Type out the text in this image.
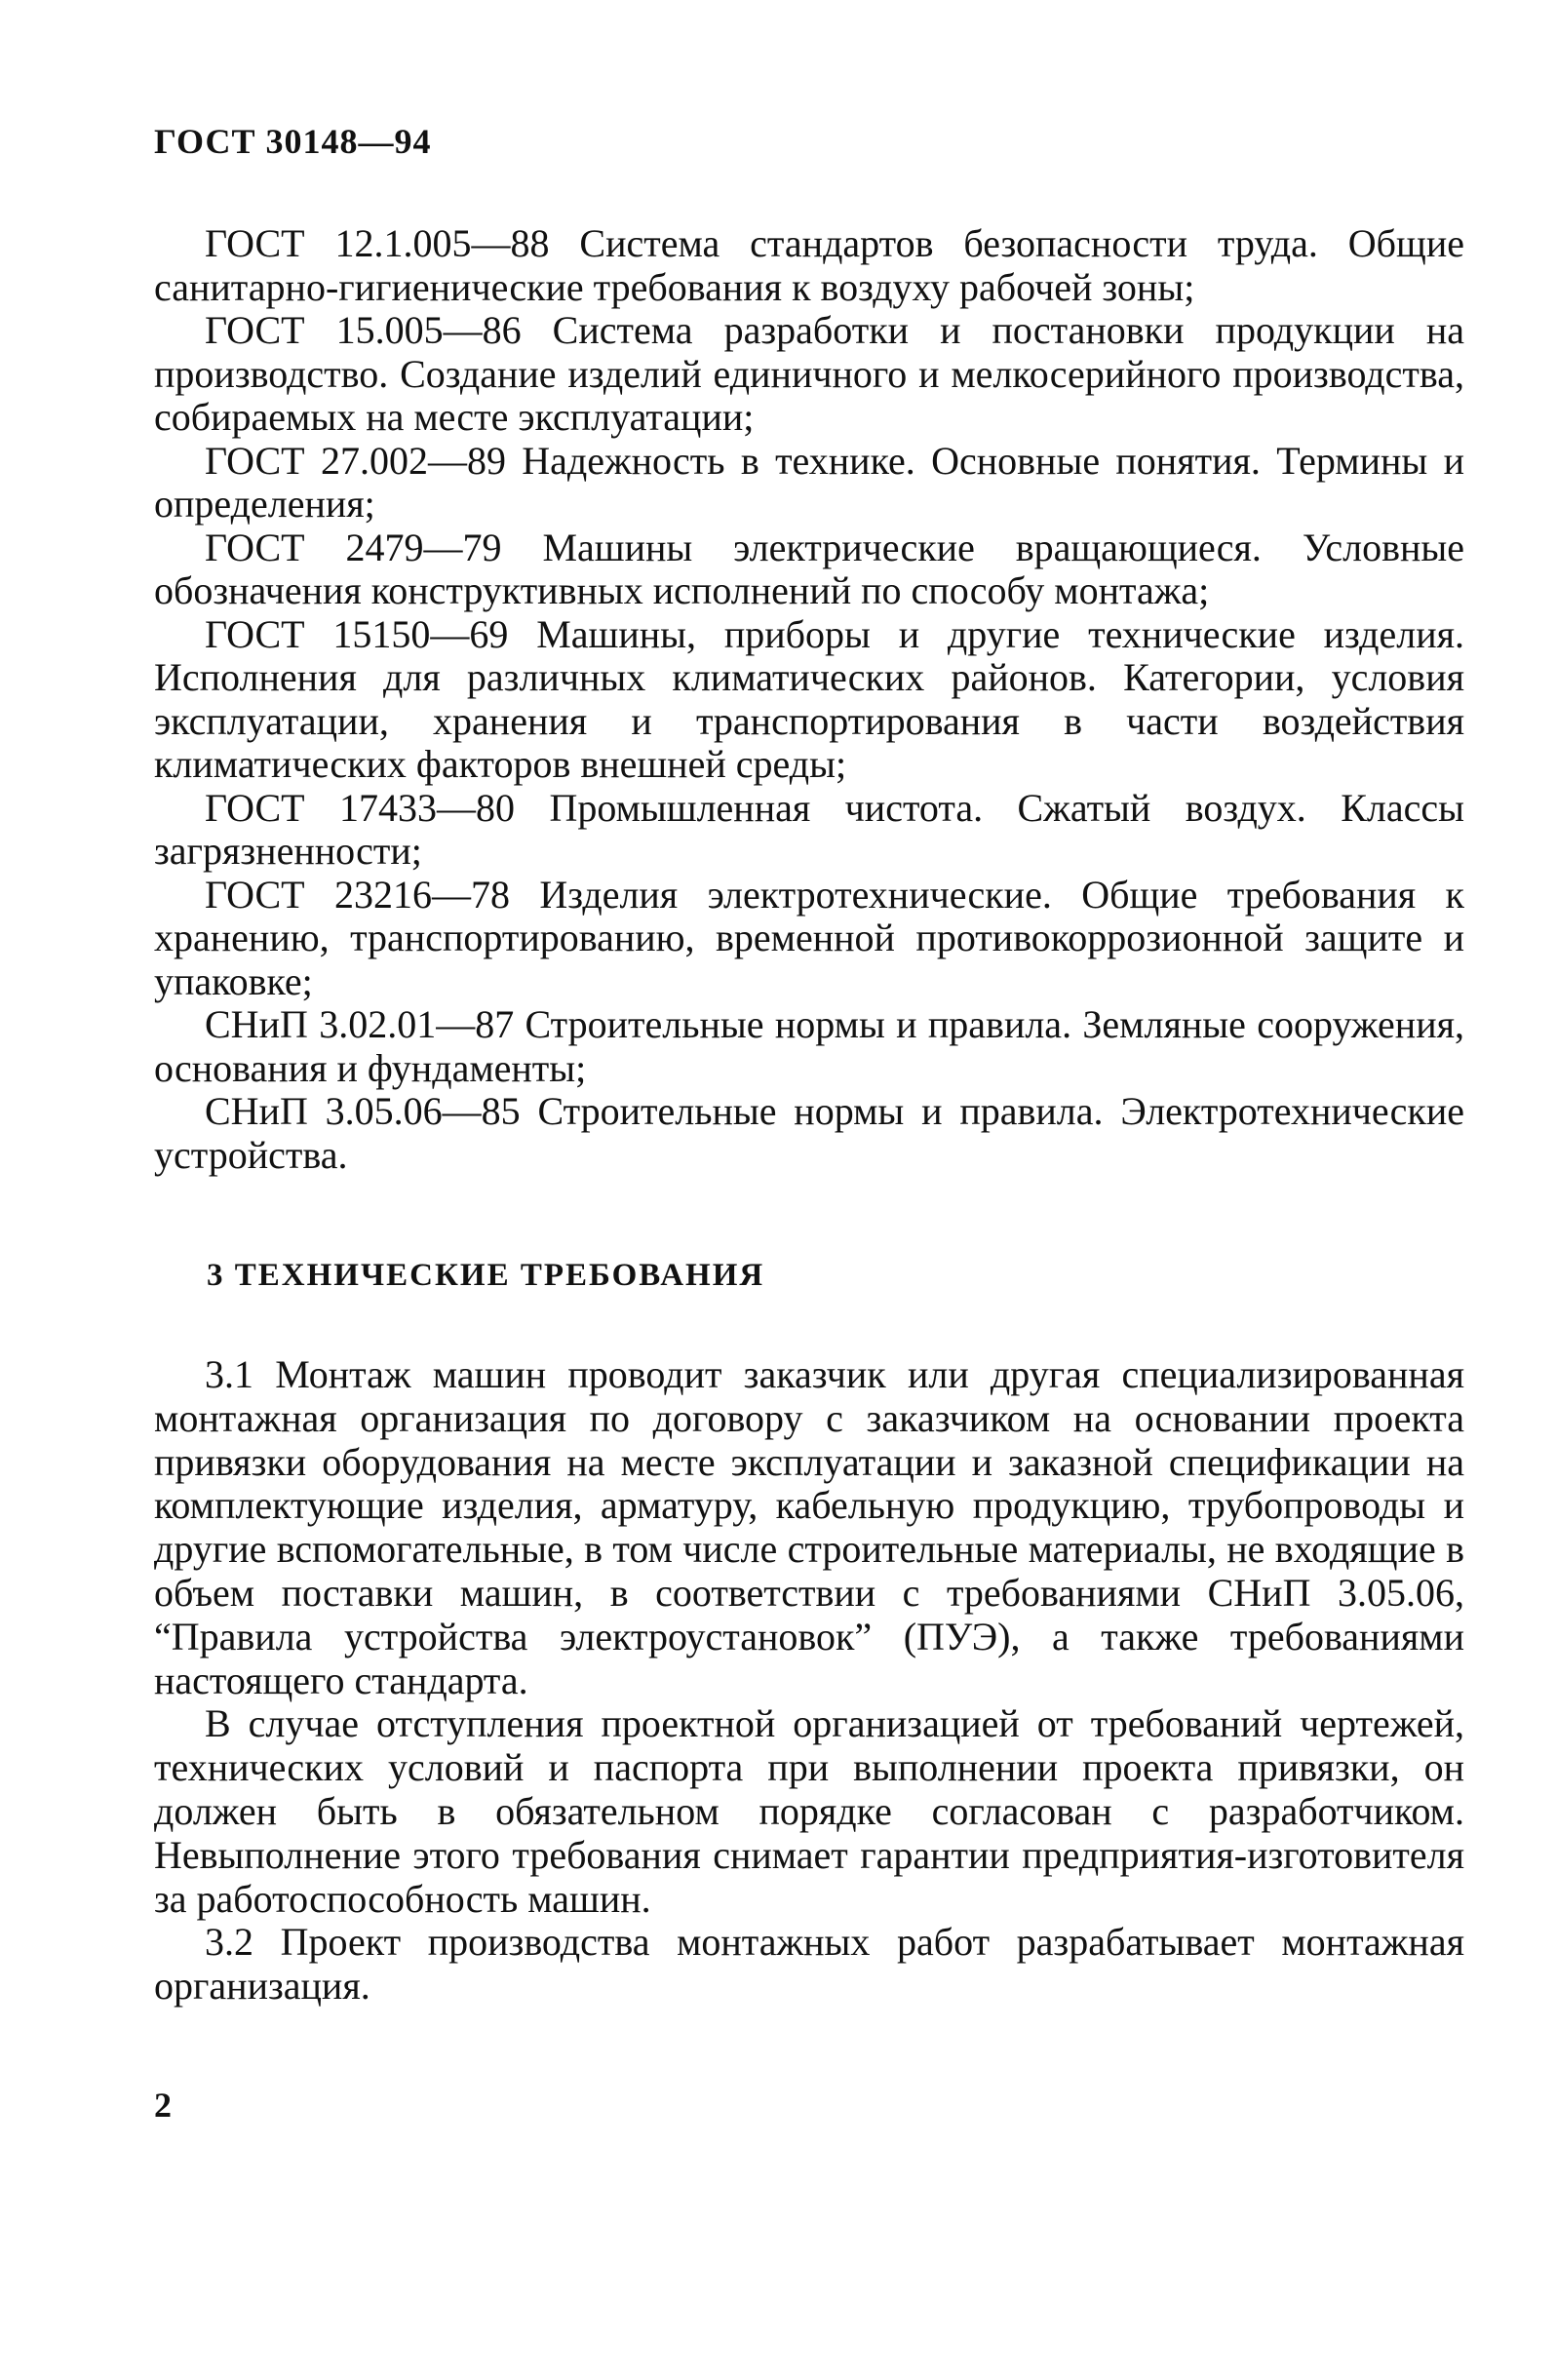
ГОСТ 30148—94

ГОСТ 12.1.005—88 Система стандартов безопасности труда. Общие санитарно-гигиенические требования к воздуху рабочей зоны;

ГОСТ 15.005—86 Система разработки и постановки продукции на производство. Создание изделий единичного и мелкосерийного производства, собираемых на месте эксплуатации;

ГОСТ 27.002—89 Надежность в технике. Основные понятия. Термины и определения;

ГОСТ 2479—79 Машины электрические вращающиеся. Условные обозначения конструктивных исполнений по способу монтажа;

ГОСТ 15150—69 Машины, приборы и другие технические изделия. Исполнения для различных климатических районов. Категории, условия эксплуатации, хранения и транспортирования в части воздействия климатических факторов внешней среды;

ГОСТ 17433—80 Промышленная чистота. Сжатый воздух. Классы загрязненности;

ГОСТ 23216—78 Изделия электротехнические. Общие требования к хранению, транспортированию, временной противокоррозионной защите и упаковке;

СНиП 3.02.01—87 Строительные нормы и правила. Земляные сооружения, основания и фундаменты;

СНиП 3.05.06—85 Строительные нормы и правила. Электротехнические устройства.

3 ТЕХНИЧЕСКИЕ ТРЕБОВАНИЯ

3.1 Монтаж машин проводит заказчик или другая специализированная монтажная организация по договору с заказчиком на основании проекта привязки оборудования на месте эксплуатации и заказной спецификации на комплектующие изделия, арматуру, кабельную продукцию, трубопроводы и другие вспомогательные, в том числе строительные материалы, не входящие в объем поставки машин, в соответствии с требованиями СНиП 3.05.06, “Правила устройства электроустановок” (ПУЭ), а также требованиями настоящего стандарта.

В случае отступления проектной организацией от требований чертежей, технических условий и паспорта при выполнении проекта привязки, он должен быть в обязательном порядке согласован с разработчиком. Невыполнение этого требования снимает гарантии предприятия-изготовителя за работоспособность машин.

3.2 Проект производства монтажных работ разрабатывает монтажная организация.

2
